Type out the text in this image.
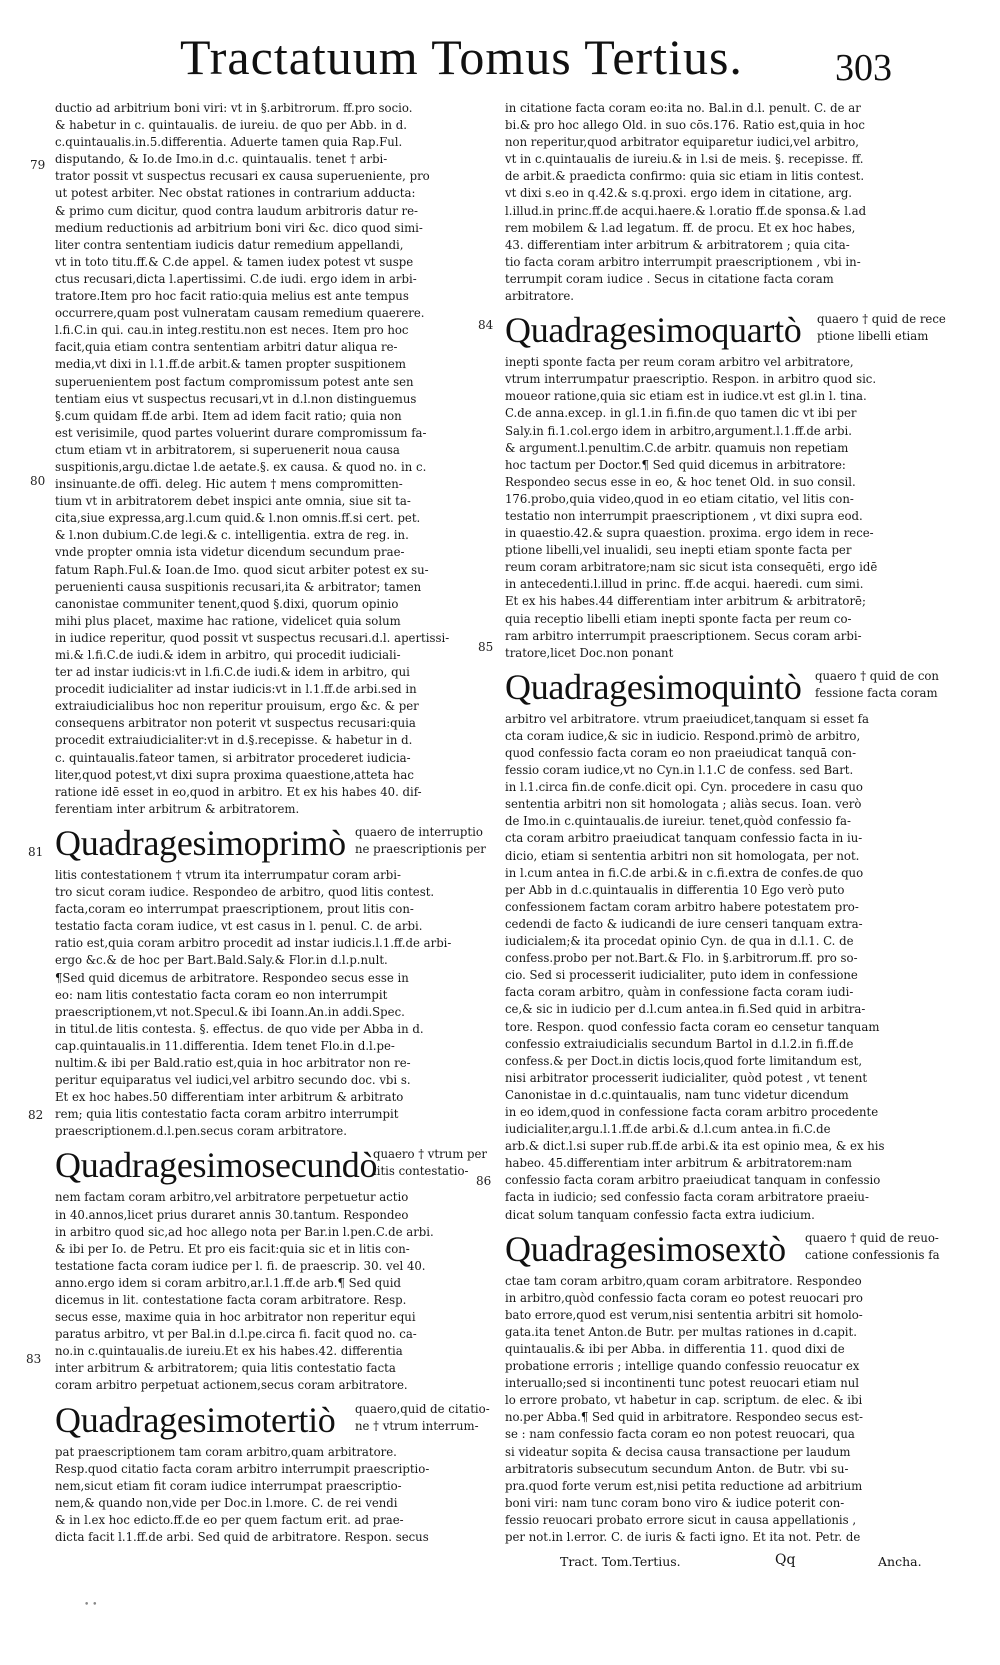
Tractatuum Tomus Tertius. 303
79
80
81
82
83
84
85
86

ductio ad arbitrium boni viri: vt in §.arbitrorum. ff.pro socio.

& habetur in c. quintaualis. de iureiu. de quo per Abb. in d.

c.quintaualis.in.5.differentia. Aduerte tamen quia Rap.Ful.

disputando, & Io.de Imo.in d.c. quintaualis. tenet † arbi-

trator possit vt suspectus recusari ex causa superueniente, pro

ut potest arbiter. Nec obstat rationes in contrarium adducta:

& primo cum dicitur, quod contra laudum arbitroris datur re-

medium reductionis ad arbitrium boni viri &c. dico quod simi-

liter contra sententiam iudicis datur remedium appellandi,

vt in toto titu.ff.& C.de appel. & tamen iudex potest vt suspe

ctus recusari,dicta l.apertissimi. C.de iudi. ergo idem in arbi-

tratore.Item pro hoc facit ratio:quia melius est ante tempus

occurrere,quam post vulneratam causam remedium quaerere.

l.fi.C.in qui. cau.in integ.restitu.non est neces. Item pro hoc

facit,quia etiam contra sententiam arbitri datur aliqua re-

media,vt dixi in l.1.ff.de arbit.& tamen propter suspitionem

superuenientem post factum compromissum potest ante sen

tentiam eius vt suspectus recusari,vt in d.l.non distinguemus

§.cum quidam ff.de arbi. Item ad idem facit ratio; quia non

est verisimile, quod partes voluerint durare compromissum fa-

ctum etiam vt in arbitratorem, si superuenerit noua causa

suspitionis,argu.dictae l.de aetate.§. ex causa. & quod no. in c.

insinuante.de offi. deleg. Hic autem † mens compromitten-

tium vt in arbitratorem debet inspici ante omnia, siue sit ta-

cita,siue expressa,arg.l.cum quid.& l.non omnis.ff.si cert. pet.

& l.non dubium.C.de legi.& c. intelligentia. extra de reg. in.

vnde propter omnia ista videtur dicendum secundum prae-

fatum Raph.Ful.& Ioan.de Imo. quod sicut arbiter potest ex su-

peruenienti causa suspitionis recusari,ita & arbitrator; tamen

canonistae communiter tenent,quod §.dixi, quorum opinio

mihi plus placet, maxime hac ratione, videlicet quia solum

in iudice reperitur, quod possit vt suspectus recusari.d.l. apertissi-

mi.& l.fi.C.de iudi.& idem in arbitro, qui procedit iudiciali-

ter ad instar iudicis:vt in l.fi.C.de iudi.& idem in arbitro, qui

procedit iudicialiter ad instar iudicis:vt in l.1.ff.de arbi.sed in

extraiudicialibus hoc non reperitur prouisum, ergo &c. & per

consequens arbitrator non poterit vt suspectus recusari:quia

procedit extraiudicialiter:vt in d.§.recepisse. & habetur in d.

c. quintaualis.fateor tamen, si arbitrator procederet iudicia-

liter,quod potest,vt dixi supra proxima quaestione,atteta hac

ratione idē esset in eo,quod in arbitro. Et ex his habes 40. dif-

ferentiam inter arbitrum & arbitratorem.

Quadragesimoprimò quaero de interruptio
ne praescriptionis per

litis contestationem † vtrum ita interrumpatur coram arbi-

tro sicut coram iudice. Respondeo de arbitro, quod litis contest.

facta,coram eo interrumpat praescriptionem, prout litis con-

testatio facta coram iudice, vt est casus in l. penul. C. de arbi.

ratio est,quia coram arbitro procedit ad instar iudicis.l.1.ff.de arbi-

ergo &c.& de hoc per Bart.Bald.Saly.& Flor.in d.l.p.nult.

¶Sed quid dicemus de arbitratore. Respondeo secus esse in

eo: nam litis contestatio facta coram eo non interrumpit

praescriptionem,vt not.Specul.& ibi Ioann.An.in addi.Spec.

in titul.de litis contesta. §. effectus. de quo vide per Abba in d.

cap.quintaualis.in 11.differentia. Idem tenet Flo.in d.l.pe-

nultim.& ibi per Bald.ratio est,quia in hoc arbitrator non re-

peritur equiparatus vel iudici,vel arbitro secundo doc. vbi s.

Et ex hoc habes.50 differentiam inter arbitrum & arbitrato

rem; quia litis contestatio facta coram arbitro interrumpit

praescriptionem.d.l.pen.secus coram arbitratore.

Quadragesimosecundò
quaero † vtrum per
litis contestatio-

nem factam coram arbitro,vel arbitratore perpetuetur actio

in 40.annos,licet prius duraret annis 30.tantum. Respondeo

in arbitro quod sic,ad hoc allego nota per Bar.in l.pen.C.de arbi.

& ibi per Io. de Petru. Et pro eis facit:quia sic et in litis con-

testatione facta coram iudice per l. fi. de praescrip. 30. vel 40.

anno.ergo idem si coram arbitro,ar.l.1.ff.de arb.¶ Sed quid

dicemus in lit. contestatione facta coram arbitratore. Resp.

secus esse, maxime quia in hoc arbitrator non reperitur equi

paratus arbitro, vt per Bal.in d.l.pe.circa fi. facit quod no. ca-

no.in c.quintaualis.de iureiu.Et ex his habes.42. differentia

inter arbitrum & arbitratorem; quia litis contestatio facta

coram arbitro perpetuat actionem,secus coram arbitratore.

Quadragesimotertiò quaero,quid de citatio-
ne † vtrum interrum-

pat praescriptionem tam coram arbitro,quam arbitratore.

Resp.quod citatio facta coram arbitro interrumpit praescriptio-

nem,sicut etiam fit coram iudice interrumpat praescriptio-

nem,& quando non,vide per Doc.in l.more. C. de rei vendi

& in l.ex hoc edicto.ff.de eo per quem factum erit. ad prae-

dicta facit l.1.ff.de arbi. Sed quid de arbitratore. Respon. secus

in citatione facta coram eo:ita no. Bal.in d.l. penult. C. de ar

bi.& pro hoc allego Old. in suo cōs.176. Ratio est,quia in hoc

non reperitur,quod arbitrator equiparetur iudici,vel arbitro,

vt in c.quintaualis de iureiu.& in l.si de meis. §. recepisse. ff.

de arbit.& praedicta confirmo: quia sic etiam in litis contest.

vt dixi s.eo in q.42.& s.q.proxi. ergo idem in citatione, arg.

l.illud.in princ.ff.de acqui.haere.& l.oratio ff.de sponsa.& l.ad

rem mobilem & l.ad legatum. ff. de procu. Et ex hoc habes,

43. differentiam inter arbitrum & arbitratorem ; quia cita-

tio facta coram arbitro interrumpit praescriptionem , vbi in-

terrumpit coram iudice . Secus in citatione facta coram

arbitratore.

Quadragesimoquartò quaero † quid de rece
ptione libelli etiam

inepti sponte facta per reum coram arbitro vel arbitratore,

vtrum interrumpatur praescriptio. Respon. in arbitro quod sic.

moueor ratione,quia sic etiam est in iudice.vt est gl.in l. tina.

C.de anna.excep. in gl.1.in fi.fin.de quo tamen dic vt ibi per

Saly.in fi.1.col.ergo idem in arbitro,argument.l.1.ff.de arbi.

& argument.l.penultim.C.de arbitr. quamuis non repetiam

hoc tactum per Doctor.¶ Sed quid dicemus in arbitratore:

Respondeo secus esse in eo, & hoc tenet Old. in suo consil.

176.probo,quia video,quod in eo etiam citatio, vel litis con-

testatio non interrumpit praescriptionem , vt dixi supra eod.

in quaestio.42.& supra quaestion. proxima. ergo idem in rece-

ptione libelli,vel inualidi, seu inepti etiam sponte facta per

reum coram arbitratore;nam sic sicut ista consequēti, ergo idē

in antecedenti.l.illud in princ. ff.de acqui. haeredi. cum simi.

Et ex his habes.44 differentiam inter arbitrum & arbitratorē;

quia receptio libelli etiam inepti sponte facta per reum co-

ram arbitro interrumpit praescriptionem. Secus coram arbi-

tratore,licet Doc.non ponant

Quadragesimoquintò quaero † quid de con
fessione facta coram

arbitro vel arbitratore. vtrum praeiudicet,tanquam si esset fa

cta coram iudice,& sic in iudicio. Respond.primò de arbitro,

quod confessio facta coram eo non praeiudicat tanquā con-

fessio coram iudice,vt no Cyn.in l.1.C de confess. sed Bart.

in l.1.circa fin.de confe.dicit opi. Cyn. procedere in casu quo

sententia arbitri non sit homologata ; aliàs secus. Ioan. verò

de Imo.in c.quintaualis.de iureiur. tenet,quòd confessio fa-

cta coram arbitro praeiudicat tanquam confessio facta in iu-

dicio, etiam si sententia arbitri non sit homologata, per not.

in l.cum antea in fi.C.de arbi.& in c.fi.extra de confes.de quo

per Abb in d.c.quintaualis in differentia 10 Ego verò puto

confessionem factam coram arbitro habere potestatem pro-

cedendi de facto & iudicandi de iure censeri tanquam extra-

iudicialem;& ita procedat opinio Cyn. de qua in d.l.1. C. de

confess.probo per not.Bart.& Flo. in §.arbitrorum.ff. pro so-

cio. Sed si processerit iudicialiter, puto idem in confessione

facta coram arbitro, quàm in confessione facta coram iudi-

ce,& sic in iudicio per d.l.cum antea.in fi.Sed quid in arbitra-

tore. Respon. quod confessio facta coram eo censetur tanquam

confessio extraiudicialis secundum Bartol in d.l.2.in fi.ff.de

confess.& per Doct.in dictis locis,quod forte limitandum est,

nisi arbitrator processerit iudicialiter, quòd potest , vt tenent

Canonistae in d.c.quintaualis, nam tunc videtur dicendum

in eo idem,quod in confessione facta coram arbitro procedente

iudicialiter,argu.l.1.ff.de arbi.& d.l.cum antea.in fi.C.de

arb.& dict.l.si super rub.ff.de arbi.& ita est opinio mea, & ex his

habeo. 45.differentiam inter arbitrum & arbitratorem:nam

confessio facta coram arbitro praeiudicat tanquam in confessio

facta in iudicio; sed confessio facta coram arbitratore praeiu-

dicat solum tanquam confessio facta extra iudicium.

Quadragesimosextò quaero † quid de reuo-
catione confessionis fa

ctae tam coram arbitro,quam coram arbitratore. Respondeo

in arbitro,quòd confessio facta coram eo potest reuocari pro

bato errore,quod est verum,nisi sententia arbitri sit homolo-

gata.ita tenet Anton.de Butr. per multas rationes in d.capit.

quintaualis.& ibi per Abba. in differentia 11. quod dixi de

probatione erroris ; intellige quando confessio reuocatur ex

interuallo;sed si incontinenti tunc potest reuocari etiam nul

lo errore probato, vt habetur in cap. scriptum. de elec. & ibi

no.per Abba.¶ Sed quid in arbitratore. Respondeo secus est-

se : nam confessio facta coram eo non potest reuocari, qua

si videatur sopita & decisa causa transactione per laudum

arbitratoris subsecutum secundum Anton. de Butr. vbi su-

pra.quod forte verum est,nisi petita reductione ad arbitrium

boni viri: nam tunc coram bono viro & iudice poterit con-

fessio reuocari probato errore sicut in causa appellationis ,

per not.in l.error. C. de iuris & facti igno. Et ita not. Petr. de

Tract. Tom.Tertius.	Qq	Ancha.
• •
